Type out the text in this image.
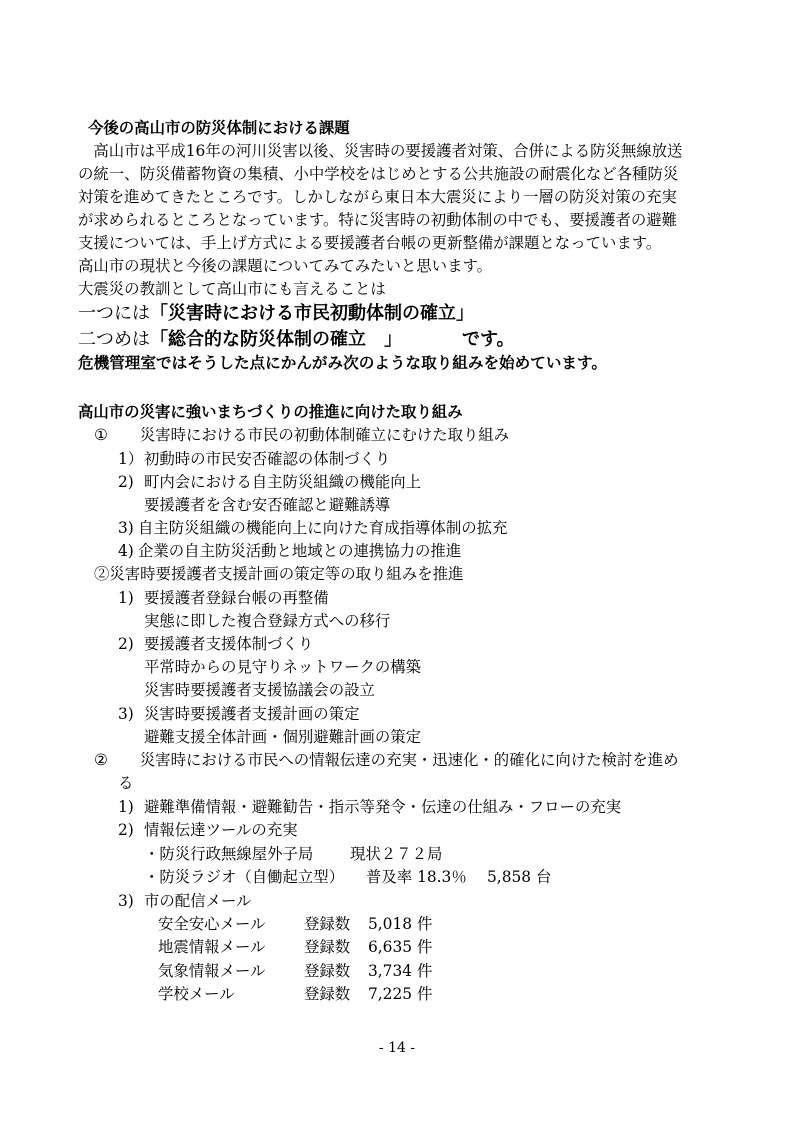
今後の高山市の防災体制における課題
　高山市は平成16年の河川災害以後、災害時の要援護者対策、合併による防災無線放送
の統一、防災備蓄物資の集積、小中学校をはじめとする公共施設の耐震化など各種防災
対策を進めてきたところです。しかしながら東日本大震災により一層の防災対策の充実
が求められるところとなっています。特に災害時の初動体制の中でも、要援護者の避難
支援については、手上げ方式による要援護者台帳の更新整備が課題となっています。
高山市の現状と今後の課題についてみてみたいと思います。
大震災の教訓として高山市にも言えることは
一つには「災害時における市民初動体制の確立」
二つめは「総合的な防災体制の確立　」	です。
危機管理室ではそうした点にかんがみ次のような取り組みを始めています。
高山市の災害に強いまちづくりの推進に向けた取り組み
① 災害時における市民の初動体制確立にむけた取り組み
1）初動時の市民安否確認の体制づくり
2) 町内会における自主防災組織の機能向上
要援護者を含む安否確認と避難誘導
3) 自主防災組織の機能向上に向けた育成指導体制の拡充
4) 企業の自主防災活動と地域との連携協力の推進
②災害時要援護者支援計画の策定等の取り組みを推進
1) 要援護者登録台帳の再整備
実態に即した複合登録方式への移行
2) 要援護者支援体制づくり
平常時からの見守りネットワークの構築
災害時要援護者支援協議会の設立
3) 災害時要援護者支援計画の策定
避難支援全体計画・個別避難計画の策定
② 災害時における市民への情報伝達の充実・迅速化・的確化に向けた検討を進め
る
1) 避難準備情報・避難勧告・指示等発令・伝達の仕組み・フローの充実
2) 情報伝達ツールの充実
・防災行政無線屋外子局 現状２７２局
・防災ラジオ（自働起立型） 普及率 18.3％　 5,858 台
3) 市の配信メール
安全安心メール	登録数 5,018 件
地震情報メール	登録数 6,635 件
気象情報メール	登録数 3,734 件
学校メール	登録数 7,225 件
- 14 -
